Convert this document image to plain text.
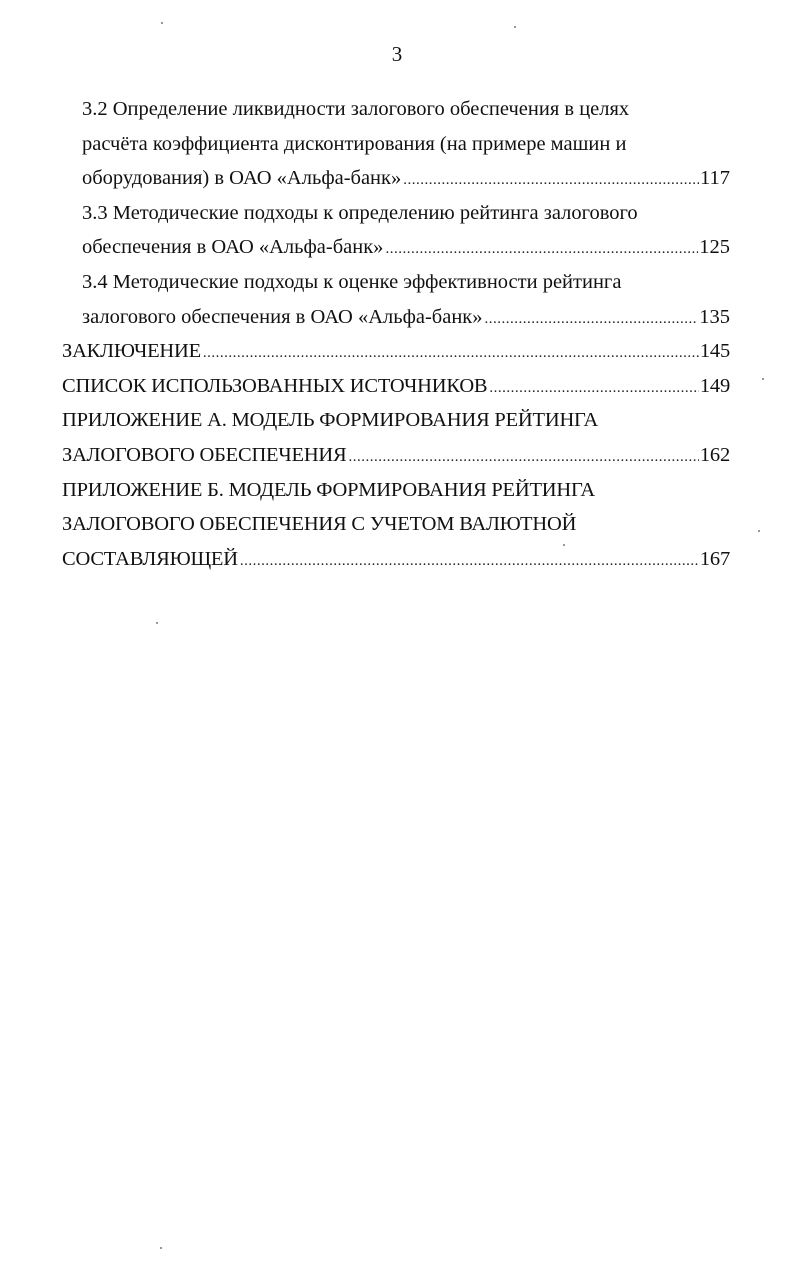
3
3.2 Определение ликвидности залогового обеспечения в целях
расчёта коэффициента дисконтирования (на примере машин и
оборудования) в ОАО «Альфа-банк» .....	117
3.3 Методические подходы к определению рейтинга залогового
обеспечения в ОАО «Альфа-банк» .....	125
3.4 Методические подходы к оценке эффективности рейтинга
залогового обеспечения в ОАО «Альфа-банк» .....	135
ЗАКЛЮЧЕНИЕ .....	145
СПИСОК ИСПОЛЬЗОВАННЫХ ИСТОЧНИКОВ .....	149
ПРИЛОЖЕНИЕ А. МОДЕЛЬ ФОРМИРОВАНИЯ РЕЙТИНГА
ЗАЛОГОВОГО ОБЕСПЕЧЕНИЯ .....	162
ПРИЛОЖЕНИЕ Б. МОДЕЛЬ ФОРМИРОВАНИЯ РЕЙТИНГА
ЗАЛОГОВОГО ОБЕСПЕЧЕНИЯ С УЧЕТОМ ВАЛЮТНОЙ
СОСТАВЛЯЮЩЕЙ .....	167
